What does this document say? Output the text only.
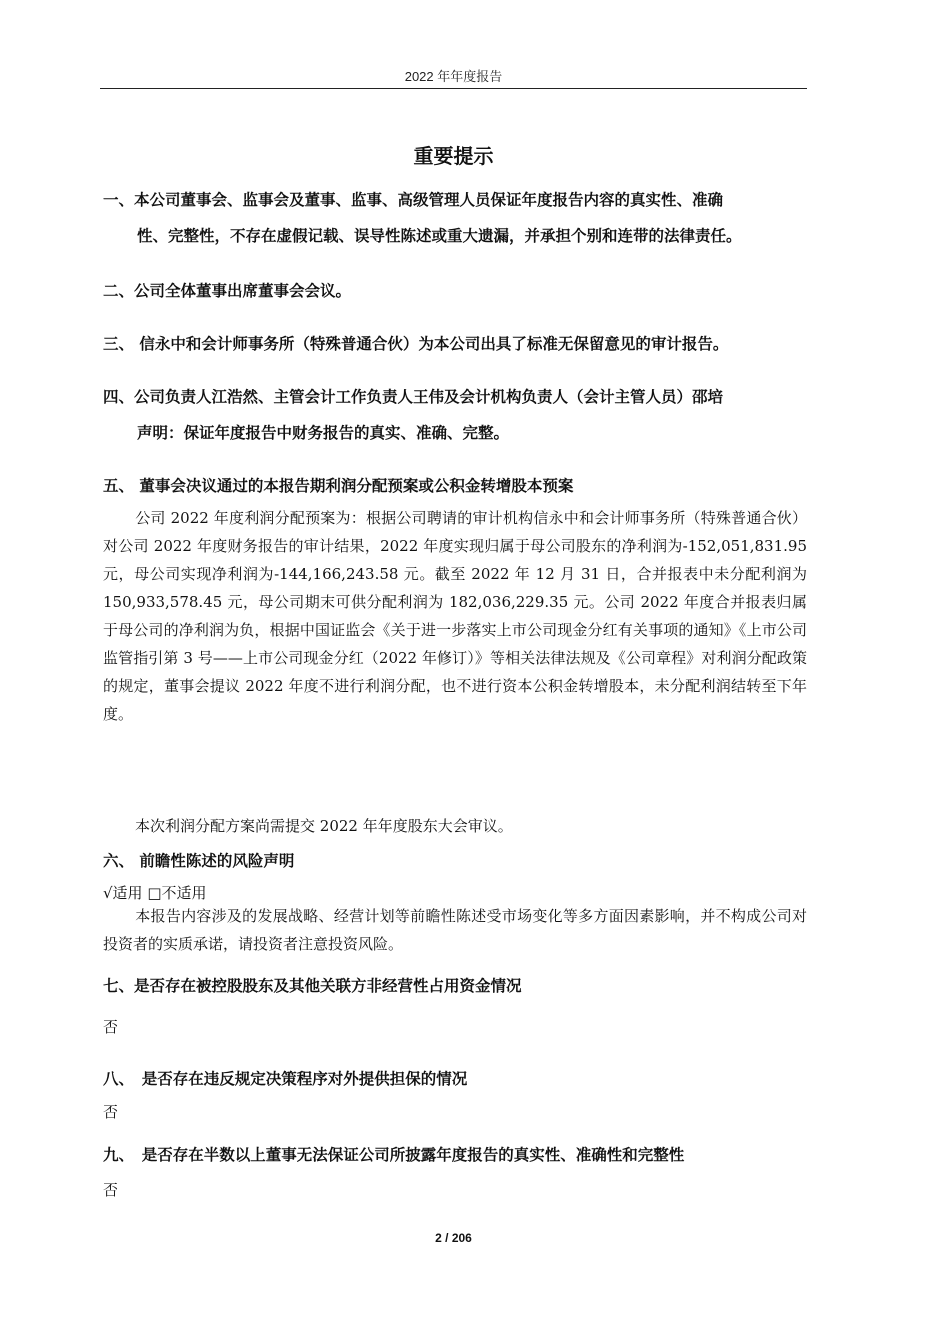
2022 年年度报告
重要提示
一、本公司董事会、监事会及董事、监事、高级管理人员保证年度报告内容的真实性、准确
性、完整性，不存在虚假记载、误导性陈述或重大遗漏，并承担个别和连带的法律责任。
二、公司全体董事出席董事会会议。
三、 信永中和会计师事务所（特殊普通合伙）为本公司出具了标准无保留意见的审计报告。
四、公司负责人江浩然、主管会计工作负责人王伟及会计机构负责人（会计主管人员）邵培
声明：保证年度报告中财务报告的真实、准确、完整。
五、 董事会决议通过的本报告期利润分配预案或公积金转增股本预案
公司 2022 年度利润分配预案为：根据公司聘请的审计机构信永中和会计师事务所（特殊普通合伙）对公司 2022 年度财务报告的审计结果，2022 年度实现归属于母公司股东的净利润为-152,051,831.95 元，母公司实现净利润为-144,166,243.58 元。截至 2022 年 12 月 31 日，合并报表中未分配利润为 150,933,578.45 元，母公司期末可供分配利润为 182,036,229.35 元。公司 2022 年度合并报表归属于母公司的净利润为负，根据中国证监会《关于进一步落实上市公司现金分红有关事项的通知》《上市公司监管指引第 3 号——上市公司现金分红（2022 年修订）》等相关法律法规及《公司章程》对利润分配政策的规定，董事会提议 2022 年度不进行利润分配，也不进行资本公积金转增股本，未分配利润结转至下年度。
本次利润分配方案尚需提交 2022 年年度股东大会审议。
六、 前瞻性陈述的风险声明
√适用 □不适用
本报告内容涉及的发展战略、经营计划等前瞻性陈述受市场变化等多方面因素影响，并不构成公司对投资者的实质承诺，请投资者注意投资风险。
七、是否存在被控股股东及其他关联方非经营性占用资金情况
否
八、　是否存在违反规定决策程序对外提供担保的情况
否
九、　是否存在半数以上董事无法保证公司所披露年度报告的真实性、准确性和完整性
否
2 / 206
